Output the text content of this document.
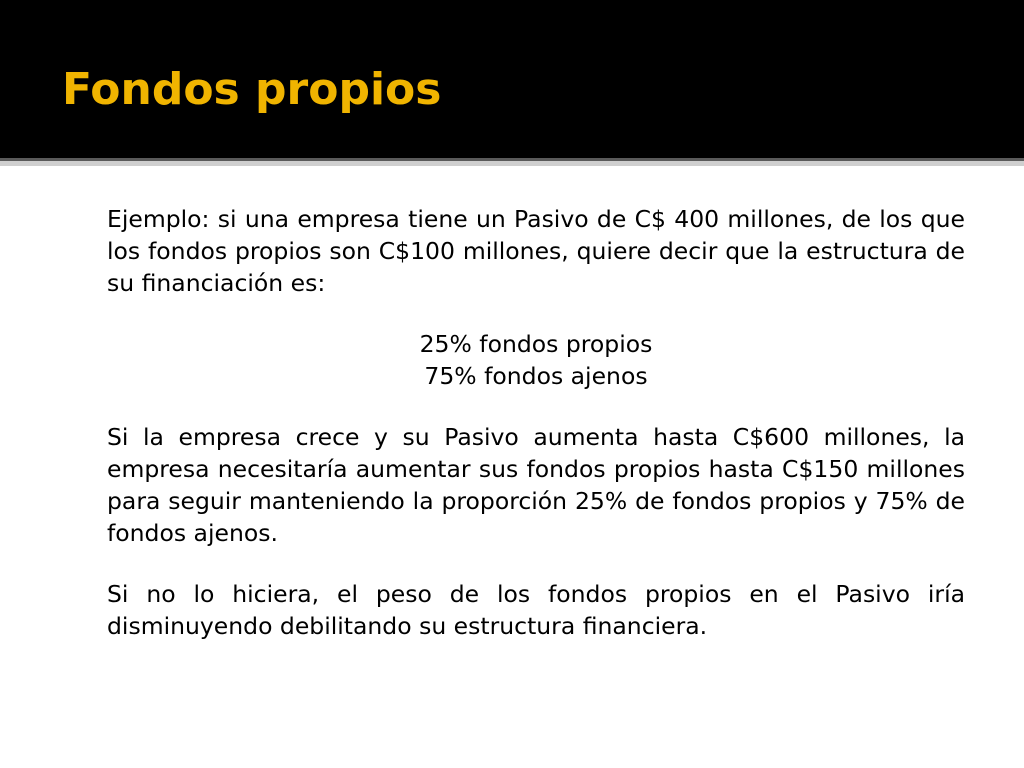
Fondos propios

Ejemplo: si una empresa tiene un Pasivo de C$ 400 millones, de los que los fondos propios son C$100 millones, quiere decir que la estructura de su financiación es:

25% fondos propios

75% fondos ajenos

Si la empresa crece y su Pasivo aumenta hasta C$600 millones, la empresa necesitaría aumentar sus fondos propios hasta C$150 millones para seguir manteniendo la proporción 25% de fondos propios y 75% de fondos ajenos.

Si no lo hiciera, el peso de los fondos propios en el Pasivo iría disminuyendo debilitando su estructura financiera.
